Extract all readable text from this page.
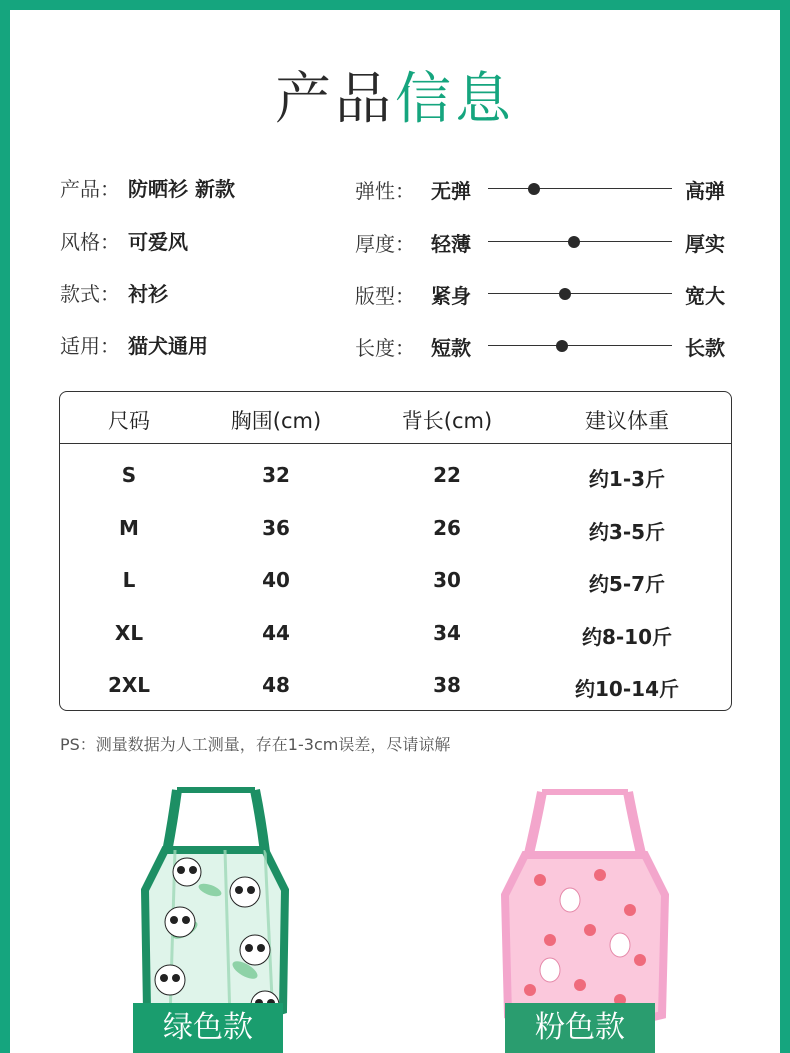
产品信息
产品： 防晒衫 新款
风格： 可爱风
款式： 衬衫
适用： 猫犬通用
弹性： 无弹	高弹
厚度： 轻薄	厚实
版型： 紧身	宽大
长度： 短款	长款
尺码	胸围(cm)	背长(cm)	建议体重
S	32	22	约1-3斤
M	36	26	约3-5斤
L	40	30	约5-7斤
XL	44	34	约8-10斤
2XL	48	38	约10-14斤
PS：测量数据为人工测量，存在1-3cm误差，尽请谅解
绿色款	粉色款
